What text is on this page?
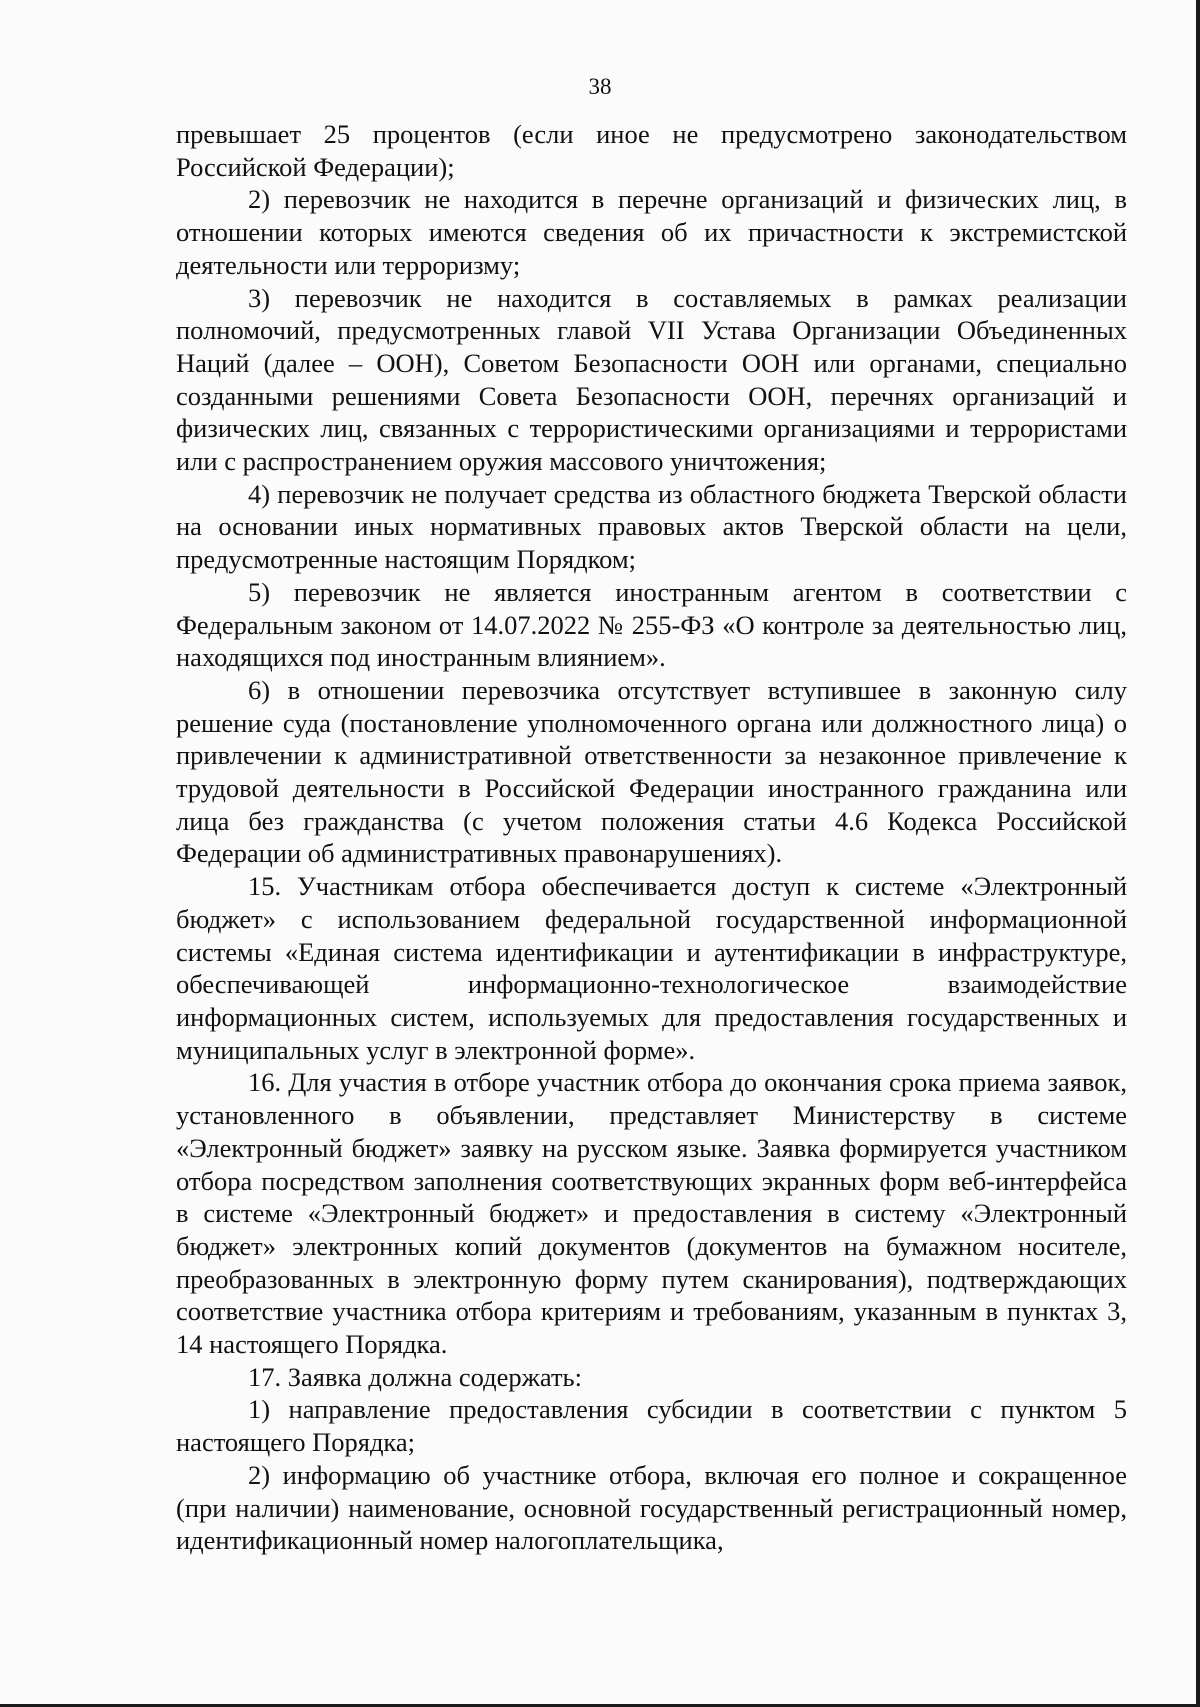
38

превышает 25 процентов (если иное не предусмотрено законодательством Российской Федерации);

2) перевозчик не находится в перечне организаций и физических лиц, в отношении которых имеются сведения об их причастности к экстремистской деятельности или терроризму;

3) перевозчик не находится в составляемых в рамках реализации полномочий, предусмотренных главой VII Устава Организации Объединенных Наций (далее – ООН), Советом Безопасности ООН или органами, специально созданными решениями Совета Безопасности ООН, перечнях организаций и физических лиц, связанных с террористическими организациями и террористами или с распространением оружия массового уничтожения;

4) перевозчик не получает средства из областного бюджета Тверской области на основании иных нормативных правовых актов Тверской области на цели, предусмотренные настоящим Порядком;

5) перевозчик не является иностранным агентом в соответствии с Федеральным законом от 14.07.2022 № 255-ФЗ «О контроле за деятельностью лиц, находящихся под иностранным влиянием».

6) в отношении перевозчика отсутствует вступившее в законную силу решение суда (постановление уполномоченного органа или должностного лица) о привлечении к административной ответственности за незаконное привлечение к трудовой деятельности в Российской Федерации иностранного гражданина или лица без гражданства (с учетом положения статьи 4.6 Кодекса Российской Федерации об административных правонарушениях).

15. Участникам отбора обеспечивается доступ к системе «Электронный бюджет» с использованием федеральной государственной информационной системы «Единая система идентификации и аутентификации в инфраструктуре, обеспечивающей информационно-технологическое взаимодействие информационных систем, используемых для предоставления государственных и муниципальных услуг в электронной форме».

16. Для участия в отборе участник отбора до окончания срока приема заявок, установленного в объявлении, представляет Министерству в системе «Электронный бюджет» заявку на русском языке. Заявка формируется участником отбора посредством заполнения соответствующих экранных форм веб-интерфейса в системе «Электронный бюджет» и предоставления в систему «Электронный бюджет» электронных копий документов (документов на бумажном носителе, преобразованных в электронную форму путем сканирования), подтверждающих соответствие участника отбора критериям и требованиям, указанным в пунктах 3, 14 настоящего Порядка.

17. Заявка должна содержать:

1) направление предоставления субсидии в соответствии с пунктом 5 настоящего Порядка;

2) информацию об участнике отбора, включая его полное и сокращенное (при наличии) наименование, основной государственный регистрационный номер, идентификационный номер налогоплательщика,
